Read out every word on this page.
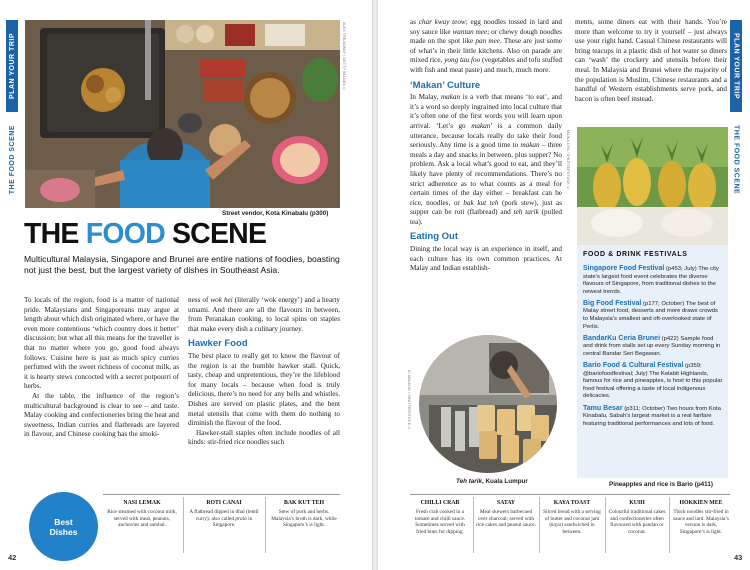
PLAN YOUR TRIP
THE FOOD SCENE
ALEX TREADWAY / GETTY IMAGES ©
Street vendor, Kota Kinabalu (p300)
THE FOOD SCENE
Multicultural Malaysia, Singapore and Brunei are entire nations of foodies, boasting not just the best, but the largest variety of dishes in Southeast Asia.

To locals of the region, food is a matter of national pride. Malaysians and Singaporeans may argue at length about which dish originated where, or have the even more contentious ‘which country does it better’ discussion; but what all this means for the traveller is that no matter where you go, good food always follows. Cuisine here is just as much spicy curries perfumed with the sweet richness of coconut milk, as it is hearty stews concocted with a secret potpourri of herbs.

At the table, the influence of the region’s multicultural background is clear to see – and taste. Malay cooking and confectioneries bring the heat and sweetness, Indian curries and flatbreads are layered in flavour, and Chinese cooking has the smoki-

ness of wok hei (literally ‘wok energy’) and a hearty umami. And there are all the flavours in between, from Peranakan cooking, to local spins on staples that make every dish a culinary journey.

Hawker Food

The best place to really get to know the flavour of the region is at the humble hawker stall. Quick, tasty, cheap and unpretentious, they’re the lifeblood for many locals – because when food is truly delicious, there’s no need for any bells and whistles. Dishes are served on plastic plates, and the bent metal utensils that come with them do nothing to diminish the flavour of the food.

Hawker-stall staples often include noodles of all kinds: stir-fried rice noodles such

Best
Dishes
NASI LEMAK
Rice steamed with coconut milk, served with meat, peanuts, anchovies and sambal.
ROTI CANAI
A flatbread dipped in dhal (lentil curry); also called prata in Singapore.
BAK KUT TEH
Stew of pork and herbs. Malaysia’s broth is dark, while Singapore’s is light.
42

as char kway teow; egg noodles tossed in lard and soy sauce like wantan mee; or chewy dough noodles made on the spot like pan mee. These are just some of what’s in their little kitchens. Also on parade are mixed rice, yong tau foo (vegetables and tofu stuffed with fish and meat paste) and much, much more.

‘Makan’ Culture

In Malay, makan is a verb that means ‘to eat’, and it’s a word so deeply ingrained into local culture that it’s often one of the first words you will learn upon arrival. ‘Let’s go makan’ is a common daily utterance, because locals really do take their food seriously. Any time is a good time to makan – three meals a day and snacks in between, plus supper? No problem. Ask a local what’s good to eat, and they’ll likely have plenty of recommendations. There’s no strict adherence as to what counts as a meal for certain times of the day either – breakfast can be rice, noodles, or bak kut teh (pork stew), just as supper can be roti (flatbread) and teh tarik (pulled tea).

Eating Out

Dining the local way is an experience in itself, and each culture has its own common practices. At Malay and Indian establish-

ments, some diners eat with their hands. You’re more than welcome to try it yourself – just always use your right hand. Casual Chinese restaurants will bring teacups in a plastic dish of hot water so diners can ‘wash’ the crockery and utensils before their meal. In Malaysia and Brunei where the majority of the population is Muslim, Chinese restaurants and a handful of Western establishments serve pork, and bacon is often beef instead.

IC ABLAVIN / SHUTTERSTOCK ©
Teh tarik, Kuala Lumpur
MAIKA OYA / SHUTTERSTOCK ©
FOOD & DRINK FESTIVALS
Singapore Food Festival (p453; July) The city state’s largest food event celebrates the diverse flavours of Singapore, from traditional dishes to the newest trends.
Big Food Festival (p177; October) The best of Malay street food, desserts and more draws crowds to Malaysia’s smallest and oft-overlooked state of Perlis.
BandarKu Ceria Brunei (p422) Sample food and drink from stalls set up every Sunday morning in central Bandar Seri Begawan.
Bario Food & Cultural Festival (p359; @bariofoodfestival; July) The Kelabit Highlands, famous for rice and pineapples, is host to this popular food festival offering a taste of local indigenous delicacies.
Tamu Besar (p311; October) Two hours from Kota Kinabalu, Sabah’s largest market is a real fanfare featuring traditional performances and lots of food.
Pineapples and rice is Bario (p411)
PLAN YOUR TRIP
THE FOOD SCENE
CHILLI CRAB
Fresh crab cooked in a tomato and chilli sauce. Sometimes served with fried buns for dipping.
SATAY
Meat skewers barbecued over charcoal; served with rice cakes and peanut sauce.
KAYA TOAST
Sliced bread with a serving of butter and coconut jam (kaya) sandwiched in between.
KUIH
Colourful traditional cakes and confectioneries often flavoured with pandan or coconut.
HOKKIEN MEE
Thick noodles stir-fried in sauce and lard. Malaysia’s version is dark, Singapore’s is light.
43
